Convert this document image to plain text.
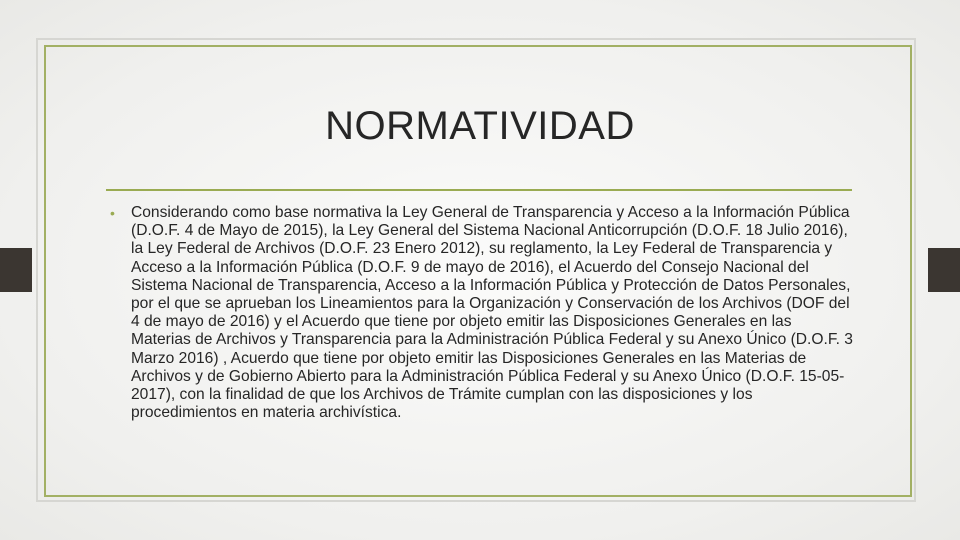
NORMATIVIDAD
• Considerando como base normativa la Ley General de Transparencia y Acceso a la Información Pública (D.O.F. 4 de Mayo de 2015), la Ley General del Sistema Nacional Anticorrupción (D.O.F. 18 Julio 2016), la Ley Federal de Archivos (D.O.F. 23 Enero 2012), su reglamento, la Ley Federal de Transparencia y Acceso a la Información Pública (D.O.F. 9 de mayo de 2016), el Acuerdo del Consejo Nacional del Sistema Nacional de Transparencia, Acceso a la Información Pública y Protección de Datos Personales, por el que se aprueban los Lineamientos para la Organización y Conservación de los Archivos (DOF del 4 de mayo de 2016) y el Acuerdo que tiene por objeto emitir las Disposiciones Generales en las Materias de Archivos y Transparencia para la Administración Pública Federal y su Anexo Único (D.O.F. 3 Marzo 2016) , Acuerdo que tiene por objeto emitir las Disposiciones Generales en las Materias de Archivos y de Gobierno Abierto para la Administración Pública Federal y su Anexo Único (D.O.F. 15-05-2017), con la finalidad de que los Archivos de Trámite cumplan con las disposiciones y los procedimientos en materia archivística.
